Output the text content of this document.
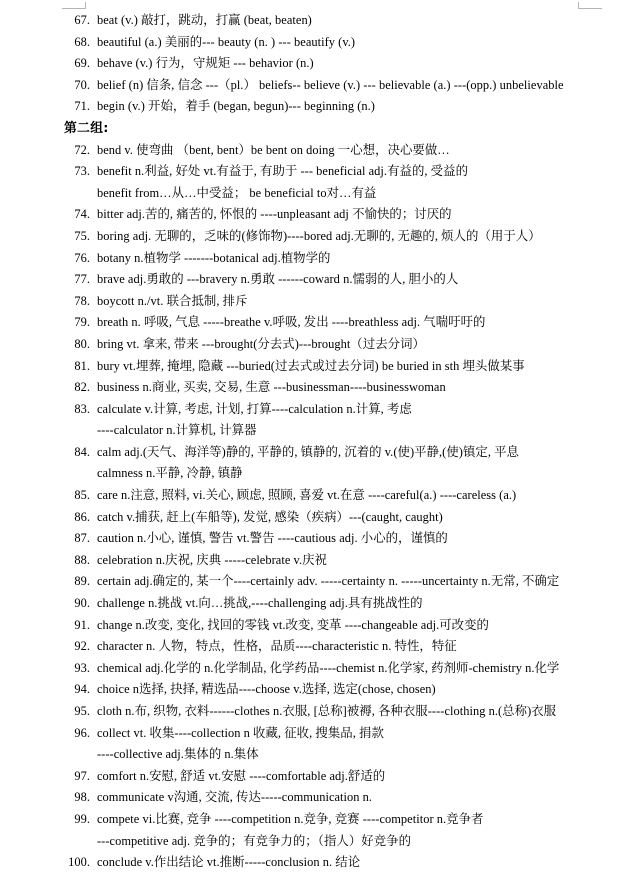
67. beat (v.) 敲打，跳动，打赢 (beat, beaten)
68. beautiful (a.) 美丽的--- beauty (n. ) --- beautify (v.)
69. behave (v.) 行为，守规矩 --- behavior (n.)
70. belief (n) 信条, 信念 ---（pl.） beliefs-- believe (v.) --- believable (a.) ---(opp.) unbelievable
71. begin (v.) 开始，着手 (began, begun)--- beginning (n.)
第二组:
72. bend v. 使弯曲 （bent, bent）be bent on doing 一心想，决心要做…
73. benefit n.利益, 好处 vt.有益于, 有助于 --- beneficial adj.有益的, 受益的
benefit from…从…中受益； be beneficial to对…有益
74. bitter adj.苦的, 痛苦的, 怀恨的 ----unpleasant adj 不愉快的；讨厌的
75. boring adj. 无聊的，乏味的(修饰物)----bored adj.无聊的, 无趣的, 烦人的（用于人）
76. botany n.植物学 -------botanical adj.植物学的
77. brave adj.勇敢的 ---bravery n.勇敢 ------coward n.懦弱的人, 胆小的人
78. boycott n./vt. 联合抵制, 排斥
79. breath n. 呼吸, 气息 -----breathe v.呼吸, 发出 ----breathless adj. 气喘吁吁的
80. bring vt. 拿来, 带来 ---brought(分去式)---brought（过去分词）
81. bury vt.埋葬, 掩埋, 隐藏 ---buried(过去式或过去分词) be buried in sth 埋头做某事
82. business n.商业, 买卖, 交易, 生意 ---businessman----businesswoman
83. calculate v.计算, 考虑, 计划, 打算----calculation n.计算, 考虑
----calculator n.计算机, 计算器
84. calm adj.(天气、海洋等)静的, 平静的, 镇静的, 沉着的 v.(使)平静,(使)镇定, 平息
calmness n.平静, 冷静, 镇静
85. care n.注意, 照料, vi.关心, 顾虑, 照顾, 喜爱 vt.在意 ----careful(a.) ----careless (a.)
86. catch v.捕获, 赶上(车船等), 发觉, 感染（疾病）---(caught, caught)
87. caution n.小心, 谨慎, 警告 vt.警告 ----cautious adj. 小心的，谨慎的
88. celebration n.庆祝, 庆典 -----celebrate v.庆祝
89. certain adj.确定的, 某一个----certainly adv. -----certainty n. -----uncertainty n.无常, 不确定
90. challenge n.挑战 vt.向…挑战,----challenging adj.具有挑战性的
91. change n.改变, 变化, 找回的零钱 vt.改变, 变革 ----changeable adj.可改变的
92. character n. 人物，特点，性格，品质----characteristic n. 特性，特征
93. chemical adj.化学的 n.化学制品, 化学药品----chemist n.化学家, 药剂师-chemistry n.化学
94. choice n选择, 抉择, 精选品----choose v.选择, 选定(chose, chosen)
95. cloth n.布, 织物, 衣料------clothes n.衣服, [总称]被褥, 各种衣服----clothing n.(总称)衣服
96. collect vt. 收集----collection n 收藏, 征收, 搜集品, 捐款
----collective adj.集体的 n.集体
97. comfort n.安慰, 舒适 vt.安慰 ----comfortable adj.舒适的
98. communicate v沟通, 交流, 传达-----communication n.
99. compete vi.比赛, 竞争 ----competition n.竞争, 竞赛 ----competitor n.竞争者
---competitive adj. 竞争的；有竞争力的；（指人）好竞争的
100. conclude v.作出结论 vt.推断-----conclusion n. 结论
